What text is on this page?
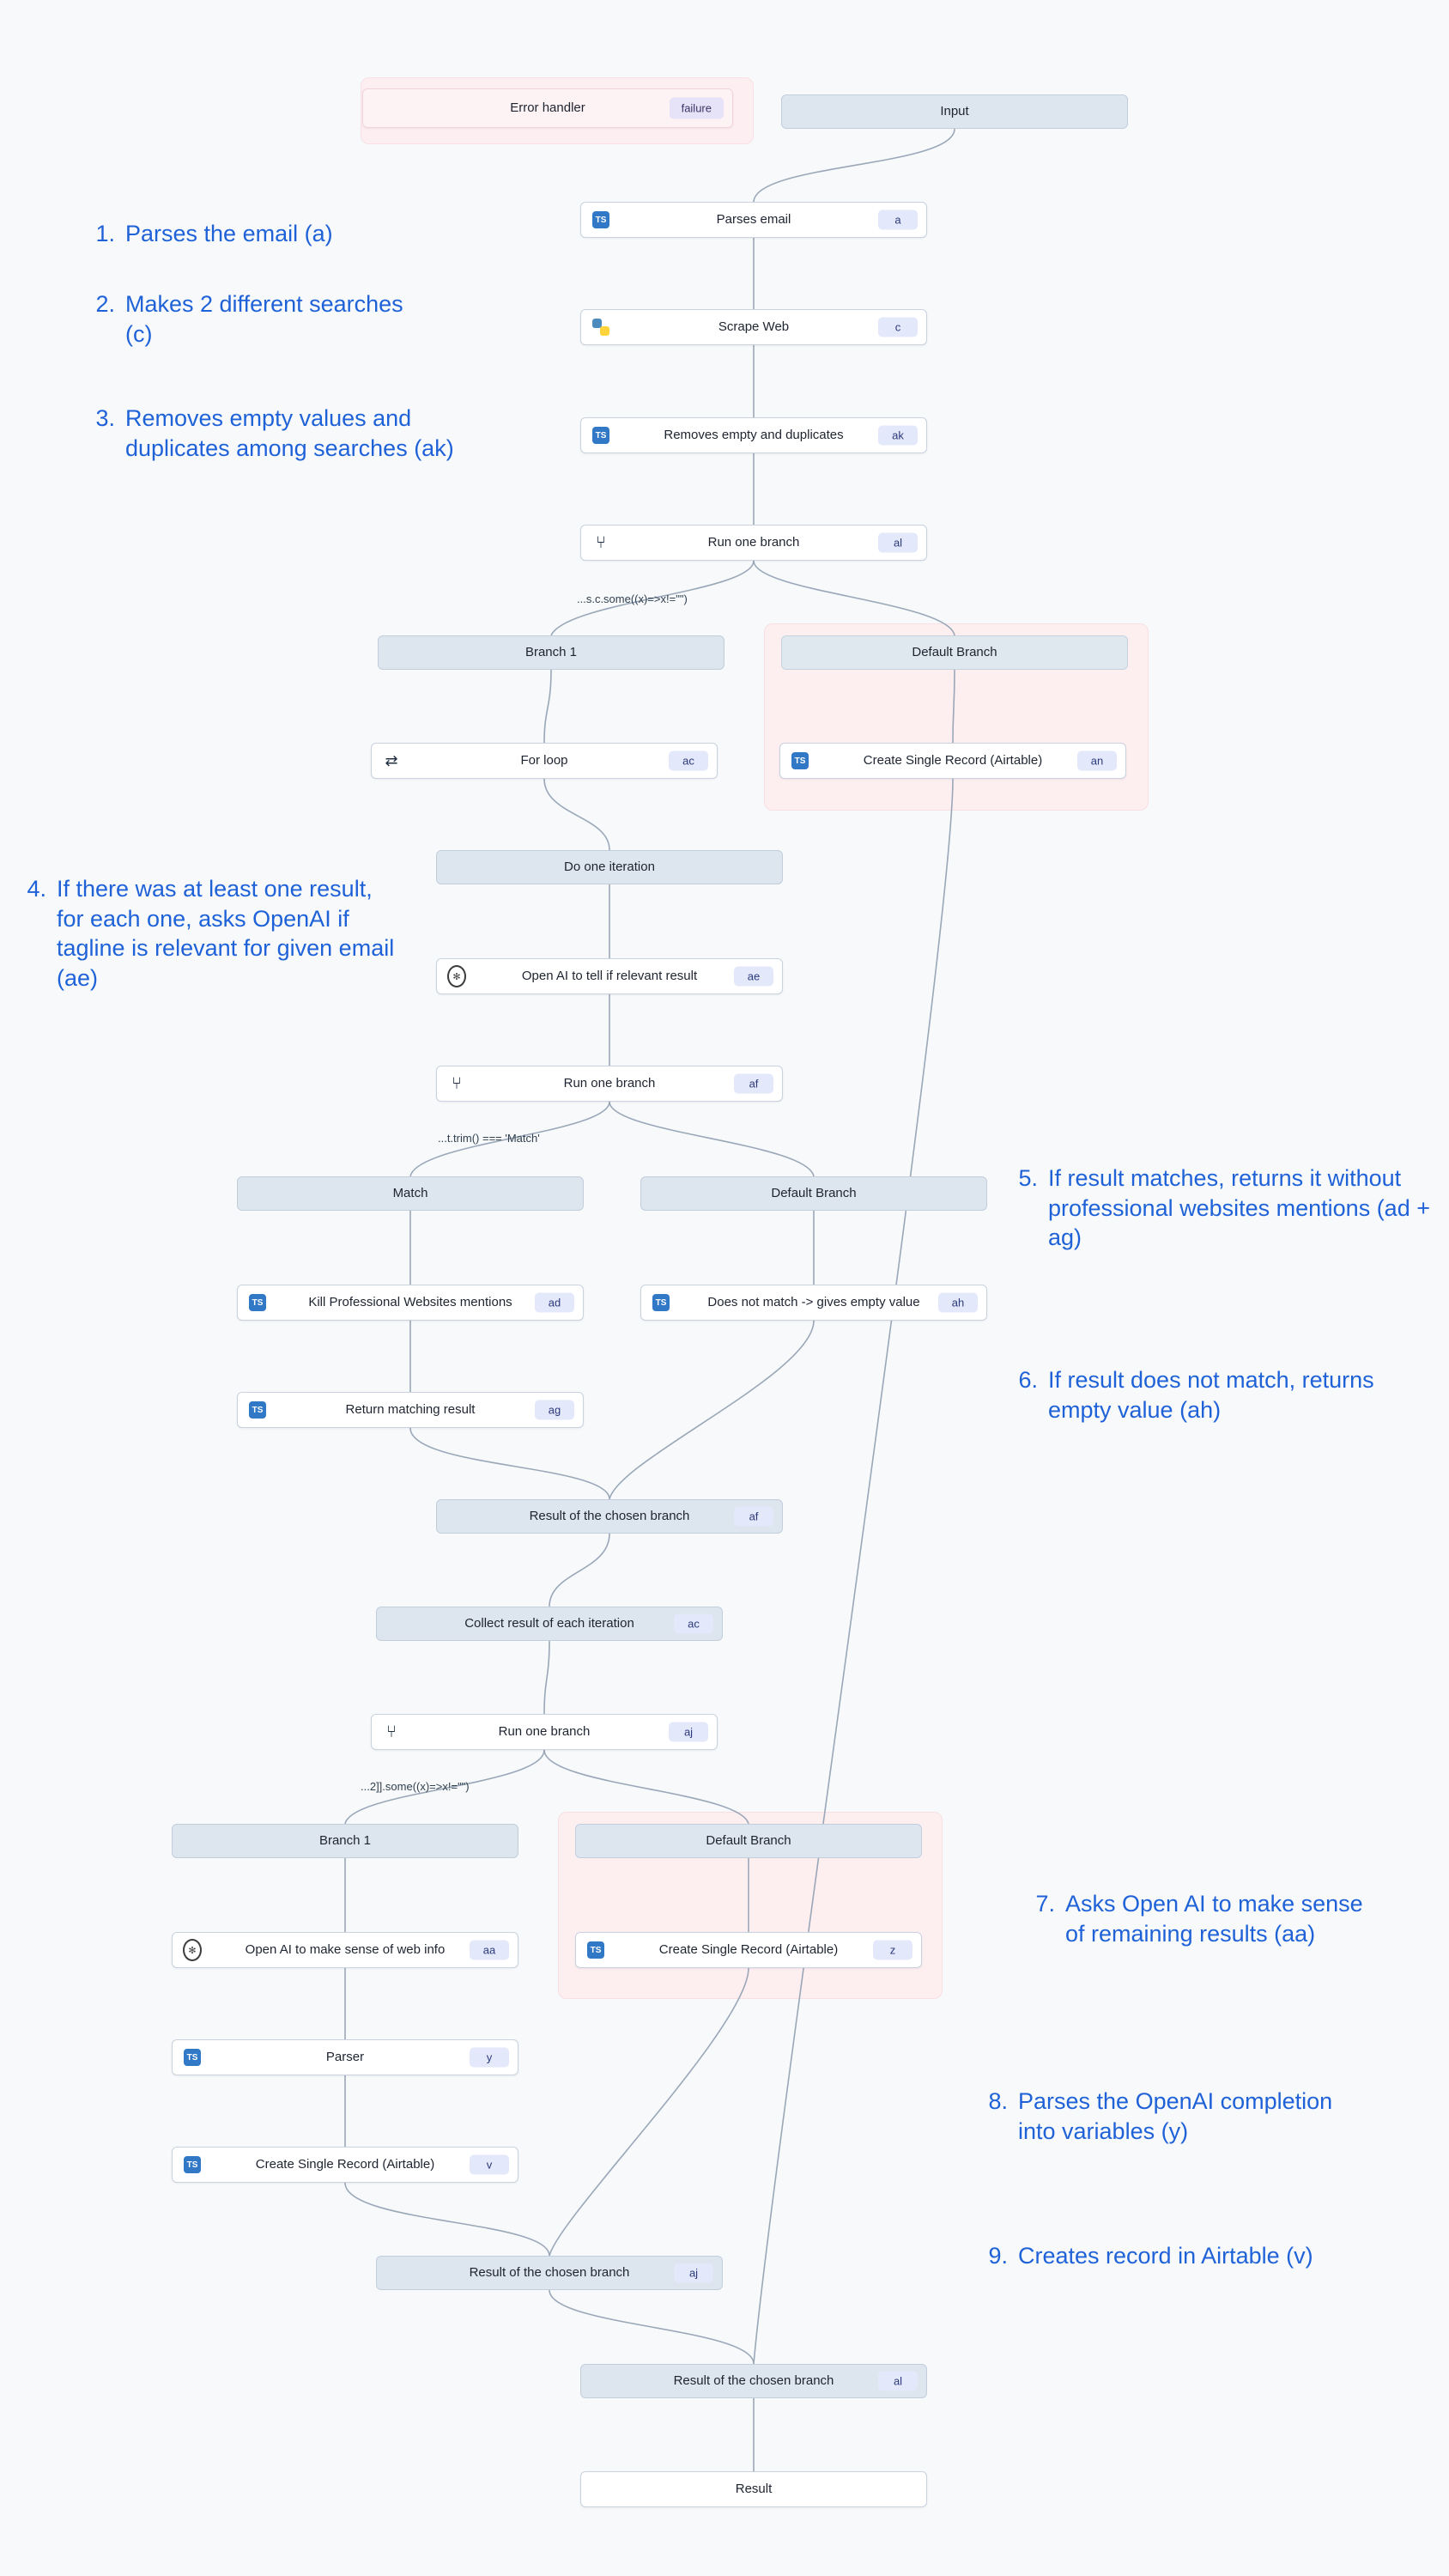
Error handler	failure	Input
TS	Parses email	a
Scrape Web	c
TS	Removes empty and duplicates	ak
⑂	Run one branch	al
Branch 1	Default Branch
⇄	For loop	ac	TS	Create Single Record (Airtable)	an
Do one iteration
✻	Open AI to tell if relevant result	ae
⑂	Run one branch	af
Match	Default Branch
TS	Kill Professional Websites mentions	ad	TS	Does not match -> gives empty value	ah
TS	Return matching result	ag
Result of the chosen branch	af
Collect result of each iteration	ac
⑂	Run one branch	aj
Branch 1	Default Branch
✻	Open AI to make sense of web info	aa	TS	Create Single Record (Airtable)	z
TS	Parser	y
TS	Create Single Record (Airtable)	v
Result of the chosen branch	aj
Result of the chosen branch	al
Result
...s.c.some((x)=>x!="")
...t.trim() === 'Match'
...2]].some((x)=>x!="")
1. Parses the email (a)
2. Makes 2 different searches (c)
3. Removes empty values and duplicates among searches (ak)
4. If there was at least one result, for each one, asks OpenAI if tagline is relevant for given email (ae)
5. If result matches, returns it without professional websites mentions (ad + ag)
6. If result does not match, returns empty value (ah)
7. Asks Open AI to make sense of remaining results (aa)
8. Parses the OpenAI completion into variables (y)
9. Creates record in Airtable (v)
